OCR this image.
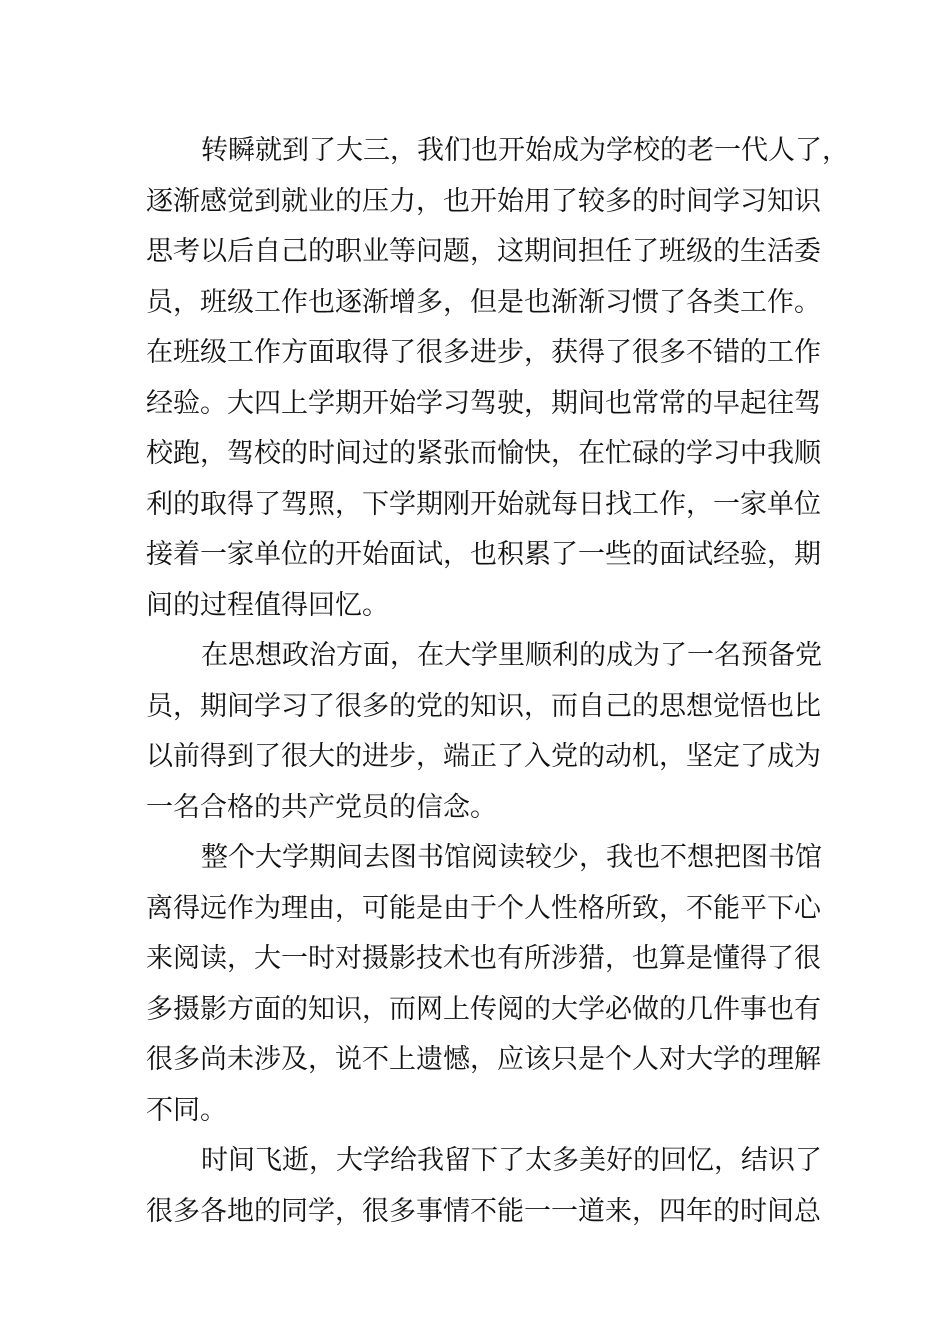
转瞬就到了大三，我们也开始成为学校的老一代人了，
逐渐感觉到就业的压力，也开始用了较多的时间学习知识
思考以后自己的职业等问题，这期间担任了班级的生活委
员，班级工作也逐渐增多，但是也渐渐习惯了各类工作。
在班级工作方面取得了很多进步，获得了很多不错的工作
经验。大四上学期开始学习驾驶，期间也常常的早起往驾
校跑，驾校的时间过的紧张而愉快，在忙碌的学习中我顺
利的取得了驾照，下学期刚开始就每日找工作，一家单位
接着一家单位的开始面试，也积累了一些的面试经验，期
间的过程值得回忆。
在思想政治方面，在大学里顺利的成为了一名预备党
员，期间学习了很多的党的知识，而自己的思想觉悟也比
以前得到了很大的进步，端正了入党的动机，坚定了成为
一名合格的共产党员的信念。
整个大学期间去图书馆阅读较少，我也不想把图书馆
离得远作为理由，可能是由于个人性格所致，不能平下心
来阅读，大一时对摄影技术也有所涉猎，也算是懂得了很
多摄影方面的知识，而网上传阅的大学必做的几件事也有
很多尚未涉及，说不上遗憾，应该只是个人对大学的理解
不同。
时间飞逝，大学给我留下了太多美好的回忆，结识了
很多各地的同学，很多事情不能一一道来，四年的时间总
